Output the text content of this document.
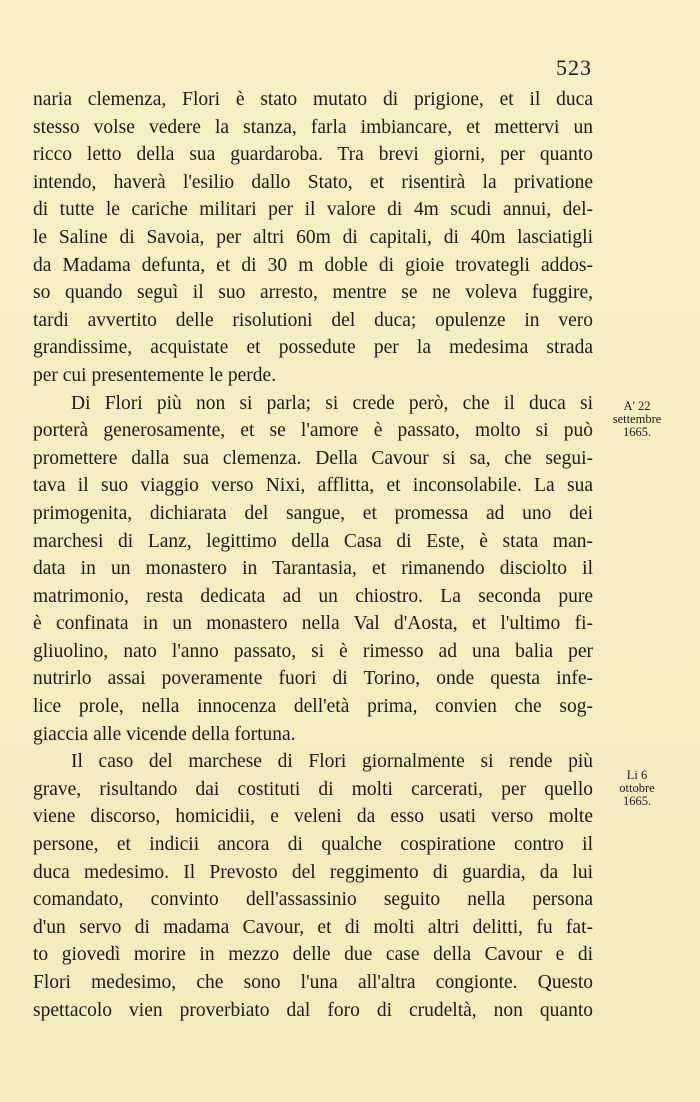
523
naria clemenza, Flori è stato mutato di prigione, et il duca
stesso volse vedere la stanza, farla imbiancare, et mettervi un
ricco letto della sua guardaroba. Tra brevi giorni, per quanto
intendo, haverà l'esilio dallo Stato, et risentirà la privatione
di tutte le cariche militari per il valore di 4m scudi annui, del-
le Saline di Savoia, per altri 60m di capitali, di 40m lasciatigli
da Madama defunta, et di 30 m doble di gioie trovategli addos-
so quando seguì il suo arresto, mentre se ne voleva fuggire,
tardi avvertito delle risolutioni del duca; opulenze in vero
grandissime, acquistate et possedute per la medesima strada
per cui presentemente le perde.
Di Flori più non si parla; si crede però, che il duca si
porterà generosamente, et se l'amore è passato, molto si può
promettere dalla sua clemenza. Della Cavour si sa, che segui-
tava il suo viaggio verso Nixi, afflitta, et inconsolabile. La sua
primogenita, dichiarata del sangue, et promessa ad uno dei
marchesi di Lanz, legittimo della Casa di Este, è stata man-
data in un monastero in Tarantasia, et rimanendo disciolto il
matrimonio, resta dedicata ad un chiostro. La seconda pure
è confinata in un monastero nella Val d'Aosta, et l'ultimo fi-
gliuolino, nato l'anno passato, si è rimesso ad una balia per
nutrirlo assai poveramente fuori di Torino, onde questa infe-
lice prole, nella innocenza dell'età prima, convien che sog-
giaccia alle vicende della fortuna.
Il caso del marchese di Flori giornalmente si rende più
grave, risultando dai costituti di molti carcerati, per quello
viene discorso, homicidii, e veleni da esso usati verso molte
persone, et indicii ancora di qualche cospiratione contro il
duca medesimo. Il Prevosto del reggimento di guardia, da lui
comandato, convinto dell'assassinio seguito nella persona
d'un servo di madama Cavour, et di molti altri delitti, fu fat-
to giovedì morire in mezzo delle due case della Cavour e di
Flori medesimo, che sono l'una all'altra congionte. Questo
spettacolo vien proverbiato dal foro di crudeltà, non quanto
A' 22
settembre
1665.
Li 6
ottobre
1665.
